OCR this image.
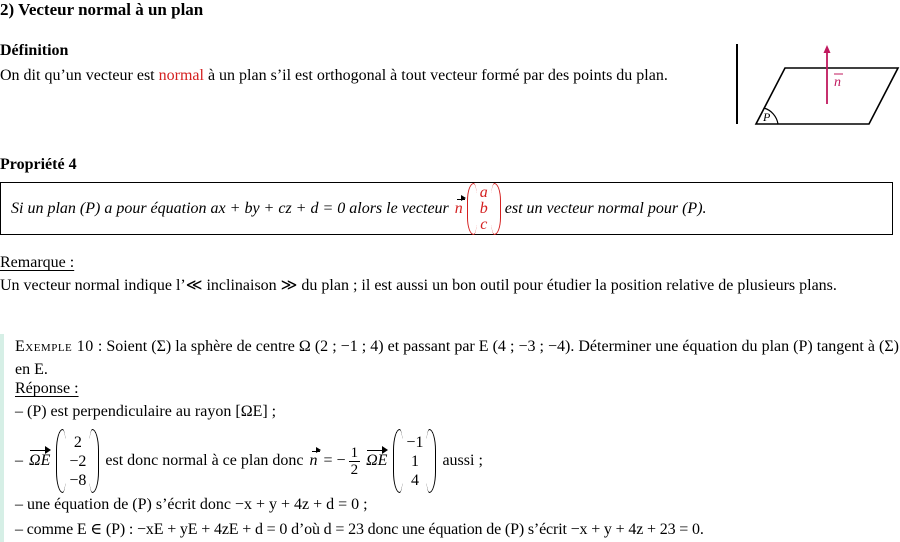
2) Vecteur normal à un plan
Définition
On dit qu’un vecteur est normal à un plan s’il est orthogonal à tout vecteur formé par des points du plan.	n
P
Propriété 4
Si un plan (P) a pour équation ax + by + cz + d = 0 alors le vecteur n
a
b
c
est un vecteur normal pour (P).
Remarque :
Un vecteur normal indique l’≪ inclinaison ≫ du plan ; il est aussi un bon outil pour étudier la position relative de plusieurs plans.
Exemple 10 : Soient (Σ) la sphère de centre Ω (2 ; −1 ; 4) et passant par E (4 ; −3 ; −4). Déterminer une équation du plan (P) tangent à (Σ) en E.
Réponse :
– (P) est perpendiculaire au rayon [ΩE] ;
– ΩE
2
−2
−8
est donc normal à ce plan donc n = − $\frac{1}{2}$ ΩE
−1
1
4
aussi ;
– une équation de (P) s’écrit donc −x + y + 4z + d = 0 ;
– comme E ∈ (P) : −xE + yE + 4zE + d = 0 d’où d = 23 donc une équation de (P) s’écrit −x + y + 4z + 23 = 0.
